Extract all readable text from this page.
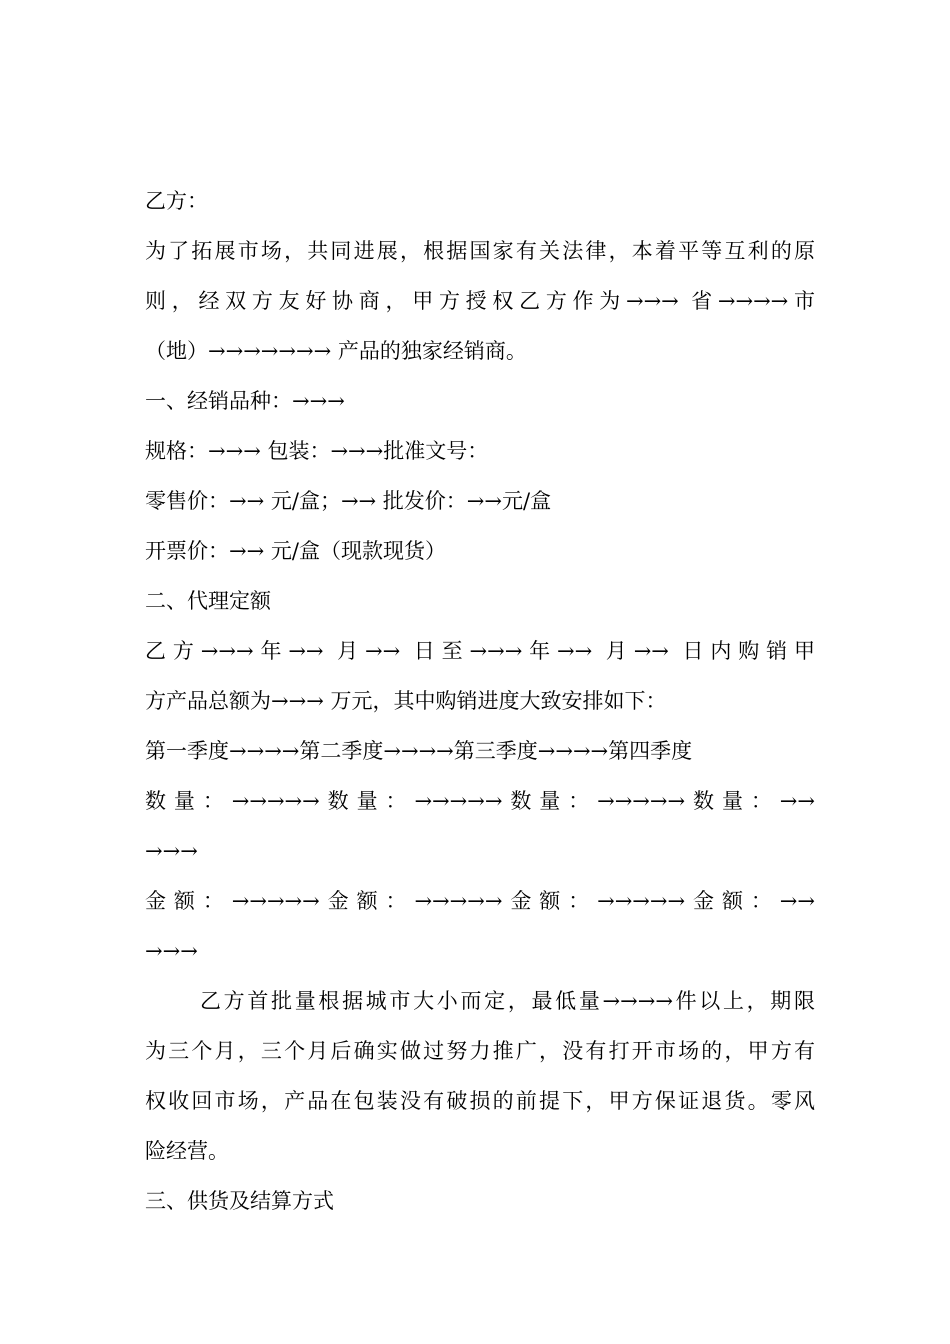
乙方：
为了拓展市场，共同进展，根据国家有关法律，本着平等互利的原
则，经双方友好协商，甲方授权乙方作为→→→ 省→→→→市
（地）→→→→→→→ 产品的独家经销商。
一、经销品种：→→→
规格：→→→ 包装：→→→批准文号：
零售价：→→ 元/盒；→→ 批发价：→→元/盒
开票价：→→ 元/盒（现款现货）
二、代理定额
乙方→→→年→→ 月→→ 日至→→→年→→ 月→→ 日内购销甲
方产品总额为→→→ 万元，其中购销进度大致安排如下：
第一季度→→→→第二季度→→→→第三季度→→→→第四季度
数量：→→→→→数量：→→→→→数量：→→→→→数量：→→
→→→
金额：→→→→→金额：→→→→→金额：→→→→→金额：→→
→→→
乙方首批量根据城市大小而定，最低量→→→→件以上，期限
为三个月，三个月后确实做过努力推广，没有打开市场的，甲方有
权收回市场，产品在包装没有破损的前提下，甲方保证退货。零风
险经营。
三、供货及结算方式
